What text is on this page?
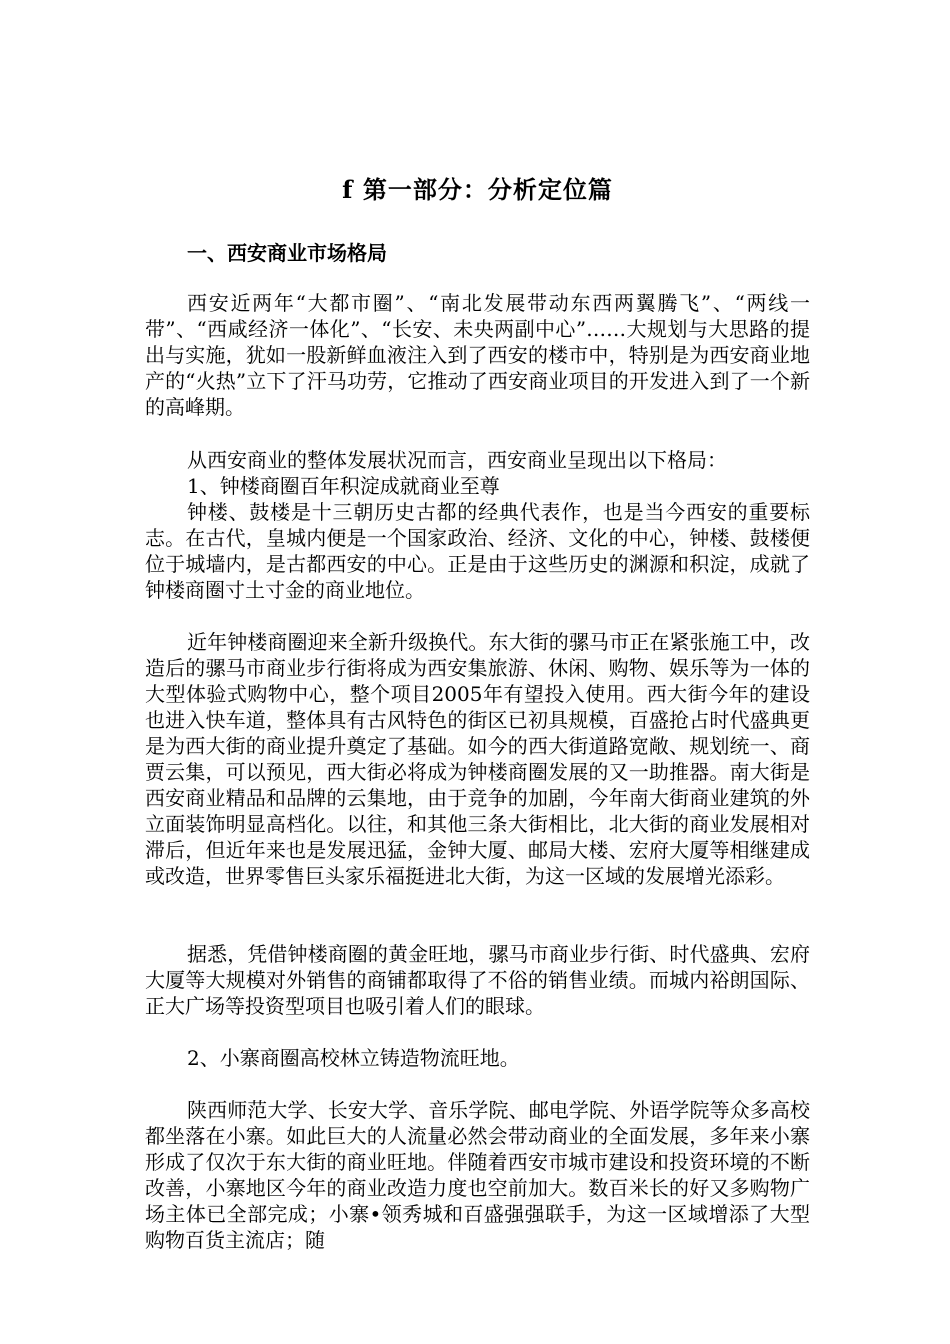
f 第一部分：分析定位篇
一、西安商业市场格局

西安近两年“大都市圈”、“南北发展带动东西两翼腾飞”、“两线一带”、“西咸经济一体化”、“长安、未央两副中心”……大规划与大思路的提出与实施，犹如一股新鲜血液注入到了西安的楼市中，特别是为西安商业地产的“火热”立下了汗马功劳，它推动了西安商业项目的开发进入到了一个新的高峰期。

从西安商业的整体发展状况而言，西安商业呈现出以下格局：

1、钟楼商圈百年积淀成就商业至尊

钟楼、鼓楼是十三朝历史古都的经典代表作，也是当今西安的重要标志。在古代，皇城内便是一个国家政治、经济、文化的中心，钟楼、鼓楼便位于城墙内，是古都西安的中心。正是由于这些历史的渊源和积淀，成就了钟楼商圈寸土寸金的商业地位。

近年钟楼商圈迎来全新升级换代。东大街的骡马市正在紧张施工中，改造后的骡马市商业步行街将成为西安集旅游、休闲、购物、娱乐等为一体的大型体验式购物中心，整个项目2005年有望投入使用。西大街今年的建设也进入快车道，整体具有古风特色的街区已初具规模，百盛抢占时代盛典更是为西大街的商业提升奠定了基础。如今的西大街道路宽敞、规划统一、商贾云集，可以预见，西大街必将成为钟楼商圈发展的又一助推器。南大街是西安商业精品和品牌的云集地，由于竞争的加剧，今年南大街商业建筑的外立面装饰明显高档化。以往，和其他三条大街相比，北大街的商业发展相对滞后，但近年来也是发展迅猛，金钟大厦、邮局大楼、宏府大厦等相继建成或改造，世界零售巨头家乐福挺进北大街，为这一区域的发展增光添彩。

据悉，凭借钟楼商圈的黄金旺地，骡马市商业步行街、时代盛典、宏府大厦等大规模对外销售的商铺都取得了不俗的销售业绩。而城内裕朗国际、正大广场等投资型项目也吸引着人们的眼球。

2、小寨商圈高校林立铸造物流旺地。

陕西师范大学、长安大学、音乐学院、邮电学院、外语学院等众多高校都坐落在小寨。如此巨大的人流量必然会带动商业的全面发展，多年来小寨形成了仅次于东大街的商业旺地。伴随着西安市城市建设和投资环境的不断改善，小寨地区今年的商业改造力度也空前加大。数百米长的好又多购物广场主体已全部完成；小寨•领秀城和百盛强强联手，为这一区域增添了大型购物百货主流店；随
